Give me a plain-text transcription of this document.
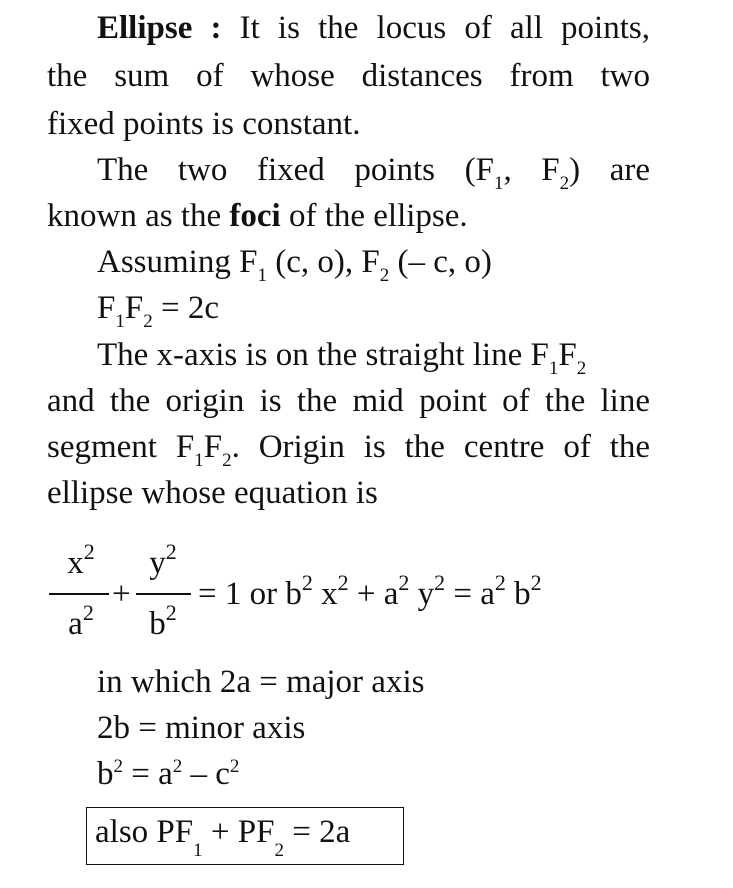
Ellipse : It is the locus of all points,
the sum of whose distances from two
fixed points is constant.
The two fixed points ($F_1$, $F_2$) are
known as the foci of the ellipse.
Assuming $F_1$ (c, o), $F_2$ (– c, o)
$F_1F_2 = 2c$
The x-axis is on the straight line $F_1F_2$
and the origin is the mid point of the line
segment $F_1F_2$. Origin is the centre of the
ellipse whose equation is
$x^2$
$a^2$
+
$y^2$
$b^2$
= 1 or $b^2$ $x^2 + a^2$ $y^2 = a^2$ $b^2$
in which 2a = major axis
2b = minor axis
$b^2 = a^2 - c^2$
also $PF_1 + PF_2 = 2a$
